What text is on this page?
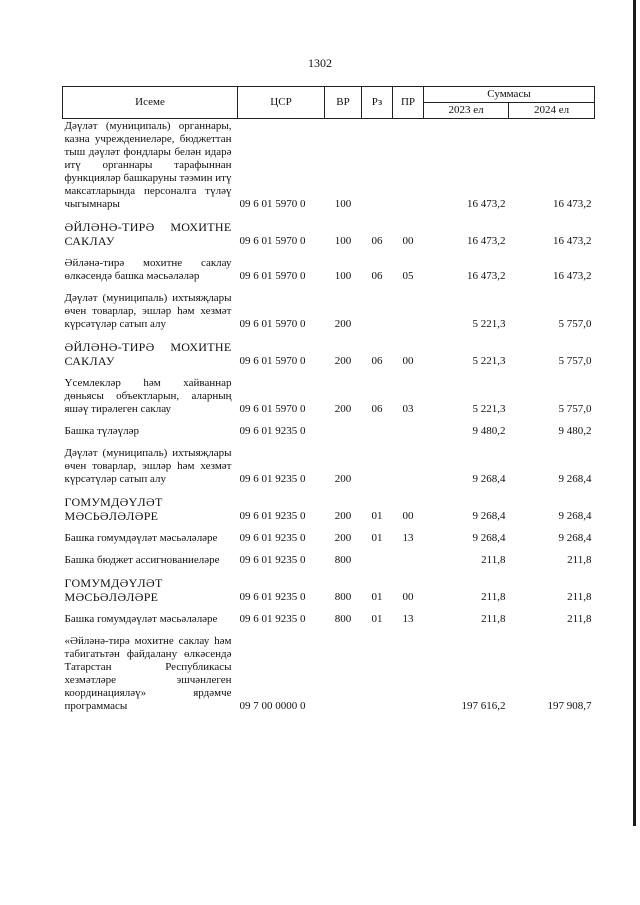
1302
Исеме	ЦСР	ВР	Рз	ПР	Суммасы	
					2023 ел	2024 ел
Дәүләт (муниципаль) органнары, казна учреждениеләре, бюджеттан тыш дәүләт фондлары белән идарә итү органнары тарафыннан функцияләр башкаруны тәэмин итү максатларында персоналга түләү чыгымнары	09 6 01 5970 0	100			16 473,2	16 473,2
ӘЙЛӘНӘ-ТИРӘ МОХИТНЕ САКЛАУ	09 6 01 5970 0	100	06	00	16 473,2	16 473,2
Әйләнә-тирә мохитне саклау өлкәсендә башка мәсьәләләр	09 6 01 5970 0	100	06	05	16 473,2	16 473,2
Дәүләт (муниципаль) ихтыяҗлары өчен товарлар, эшләр һәм хезмәт күрсәтүләр сатып алу	09 6 01 5970 0	200			5 221,3	5 757,0
ӘЙЛӘНӘ-ТИРӘ МОХИТНЕ САКЛАУ	09 6 01 5970 0	200	06	00	5 221,3	5 757,0
Үсемлекләр һәм хайваннар дөньясы объектларын, аларның яшәү тирәлеген саклау	09 6 01 5970 0	200	06	03	5 221,3	5 757,0
Башка түләүләр	09 6 01 9235 0				9 480,2	9 480,2
Дәүләт (муниципаль) ихтыяҗлары өчен товарлар, эшләр һәм хезмәт күрсәтүләр сатып алу	09 6 01 9235 0	200			9 268,4	9 268,4
ГОМУМДӘҮЛӘТ МӘСЬӘЛӘЛӘРЕ	09 6 01 9235 0	200	01	00	9 268,4	9 268,4
Башка гомумдәүләт мәсьәләләре	09 6 01 9235 0	200	01	13	9 268,4	9 268,4
Башка бюджет ассигнованиеләре	09 6 01 9235 0	800			211,8	211,8
ГОМУМДӘҮЛӘТ МӘСЬӘЛӘЛӘРЕ	09 6 01 9235 0	800	01	00	211,8	211,8
Башка гомумдәүләт мәсьәләләре	09 6 01 9235 0	800	01	13	211,8	211,8
«Әйләнә-тирә мохитне саклау һәм табигатьтән файдалану өлкәсендә Татарстан Республикасы хезмәтләре эшчәнлеген координацияләү» ярдәмче программасы	09 7 00 0000 0				197 616,2	197 908,7
